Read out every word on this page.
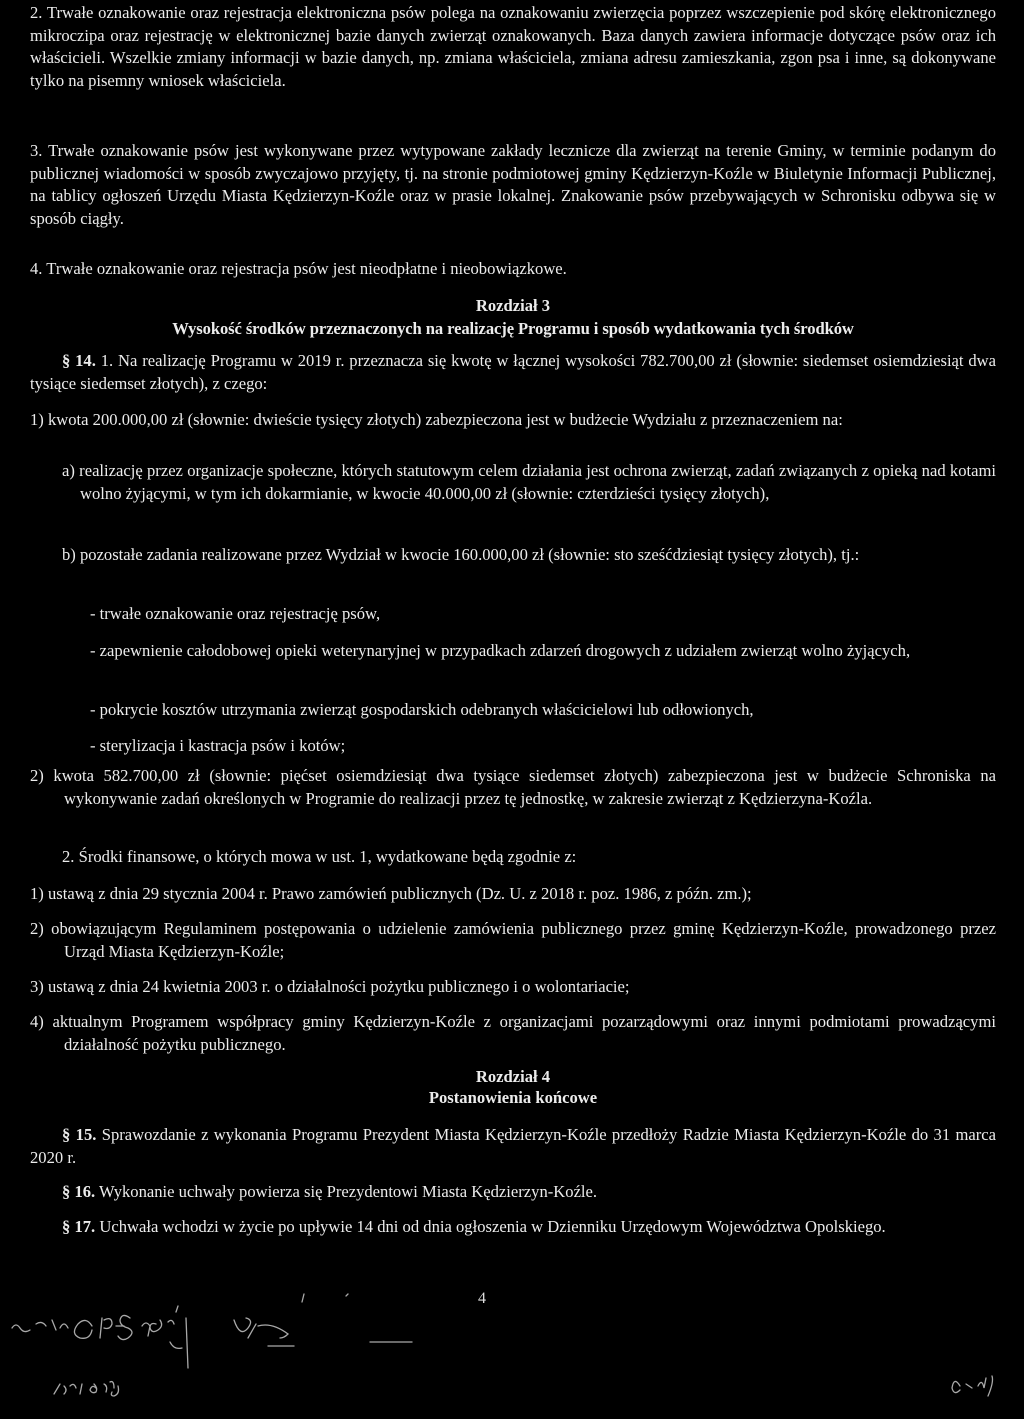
2. Trwałe oznakowanie oraz rejestracja elektroniczna psów polega na oznakowaniu zwierzęcia poprzez wszczepienie pod skórę elektronicznego mikroczipa oraz rejestrację w elektronicznej bazie danych zwierząt oznakowanych. Baza danych zawiera informacje dotyczące psów oraz ich właścicieli. Wszelkie zmiany informacji w bazie danych, np. zmiana właściciela, zmiana adresu zamieszkania, zgon psa i inne, są dokonywane tylko na pisemny wniosek właściciela.
3. Trwałe oznakowanie psów jest wykonywane przez wytypowane zakłady lecznicze dla zwierząt na terenie Gminy, w terminie podanym do publicznej wiadomości w sposób zwyczajowo przyjęty, tj. na stronie podmiotowej gminy Kędzierzyn-Koźle w Biuletynie Informacji Publicznej, na tablicy ogłoszeń Urzędu Miasta Kędzierzyn-Koźle oraz w prasie lokalnej. Znakowanie psów przebywających w Schronisku odbywa się w sposób ciągły.
4. Trwałe oznakowanie oraz rejestracja psów jest nieodpłatne i nieobowiązkowe.
Rozdział 3
Wysokość środków przeznaczonych na realizację Programu i sposób wydatkowania tych środków
§ 14. 1. Na realizację Programu w 2019 r. przeznacza się kwotę w łącznej wysokości 782.700,00 zł (słownie: siedemset osiemdziesiąt dwa tysiące siedemset złotych), z czego:
1) kwota 200.000,00 zł (słownie: dwieście tysięcy złotych) zabezpieczona jest w budżecie Wydziału z przeznaczeniem na:
a) realizację przez organizacje społeczne, których statutowym celem działania jest ochrona zwierząt, zadań związanych z opieką nad kotami wolno żyjącymi, w tym ich dokarmianie, w kwocie 40.000,00 zł (słownie: czterdzieści tysięcy złotych),
b) pozostałe zadania realizowane przez Wydział w kwocie 160.000,00 zł (słownie: sto sześćdziesiąt tysięcy złotych), tj.:
- trwałe oznakowanie oraz rejestrację psów,
- zapewnienie całodobowej opieki weterynaryjnej w przypadkach zdarzeń drogowych z udziałem zwierząt wolno żyjących,
- pokrycie kosztów utrzymania zwierząt gospodarskich odebranych właścicielowi lub odłowionych,
- sterylizacja i kastracja psów i kotów;
2) kwota 582.700,00 zł (słownie: pięćset osiemdziesiąt dwa tysiące siedemset złotych) zabezpieczona jest w budżecie Schroniska na wykonywanie zadań określonych w Programie do realizacji przez tę jednostkę, w zakresie zwierząt z Kędzierzyna-Koźla.
2. Środki finansowe, o których mowa w ust. 1, wydatkowane będą zgodnie z:
1) ustawą z dnia 29 stycznia 2004 r. Prawo zamówień publicznych (Dz. U. z 2018 r. poz. 1986, z późn. zm.);
2) obowiązującym Regulaminem postępowania o udzielenie zamówienia publicznego przez gminę Kędzierzyn-Koźle, prowadzonego przez Urząd Miasta Kędzierzyn-Koźle;
3) ustawą z dnia 24 kwietnia 2003 r. o działalności pożytku publicznego i o wolontariacie;
4) aktualnym Programem współpracy gminy Kędzierzyn-Koźle z organizacjami pozarządowymi oraz innymi podmiotami prowadzącymi działalność pożytku publicznego.
Rozdział 4
Postanowienia końcowe
§ 15. Sprawozdanie z wykonania Programu Prezydent Miasta Kędzierzyn-Koźle przedłoży Radzie Miasta Kędzierzyn-Koźle do 31 marca 2020 r.
§ 16. Wykonanie uchwały powierza się Prezydentowi Miasta Kędzierzyn-Koźle.
§ 17. Uchwała wchodzi w życie po upływie 14 dni od dnia ogłoszenia w Dzienniku Urzędowym Województwa Opolskiego.
4
